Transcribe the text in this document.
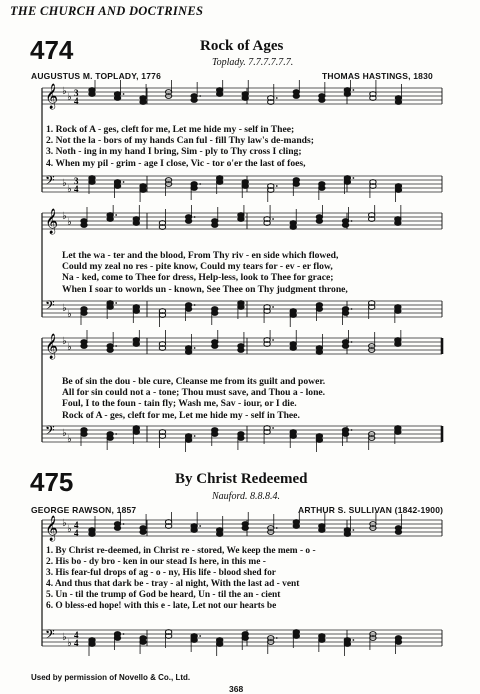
THE CHURCH AND DOCTRINES
474	Rock of Ages
Toplady. 7.7.7.7.7.7.
AUGUSTUS M. TOPLADY, 1776	THOMAS HASTINGS, 1830
𝄞 ♭
♭ 3
4
𝄢 ♭
♭
3
4
1. Rock of A - ges, cleft for me, Let me hide my - self in Thee;
2. Not the la - bors of my hands Can ful - fill Thy law's de-mands;
3. Noth - ing in my hand I bring, Sim - ply to Thy cross I cling;
4. When my pil - grim - age I close, Vic - tor o'er the last of foes,
𝄞 ♭
♭
𝄢 ♭
♭
Let the wa - ter and the blood, From Thy riv - en side which flowed,
Could my zeal no res - pite know, Could my tears for - ev - er flow,
Na - ked, come to Thee for dress, Help-less, look to Thee for grace;
When I soar to worlds un - known, See Thee on Thy judgment throne,
𝄞 ♭
♭
𝄢 ♭
♭
Be of sin the dou - ble cure, Cleanse me from its guilt and power.
All for sin could not a - tone; Thou must save, and Thou a - lone.
Foul, I to the foun - tain fly; Wash me, Sav - iour, or I die.
Rock of A - ges, cleft for me, Let me hide my - self in Thee.
475	By Christ Redeemed
Nauford. 8.8.8.4.
GEORGE RAWSON, 1857	ARTHUR S. SULLIVAN (1842-1900)
𝄞 ♭
♭ 4
4
𝄢 ♭
♭
4
4
1. By Christ re-deemed, in Christ re - stored, We keep the mem - o -
2. His bo - dy bro - ken in our stead Is here, in this me -
3. His fear-ful drops of ag - o - ny, His life - blood shed for
4. And thus that dark be - tray - al night, With the last ad - vent
5. Un - til the trump of God be heard, Un - til the an - cient
6. O bless-ed hope! with this e - late, Let not our hearts be
Used by permission of Novello & Co., Ltd.
368
